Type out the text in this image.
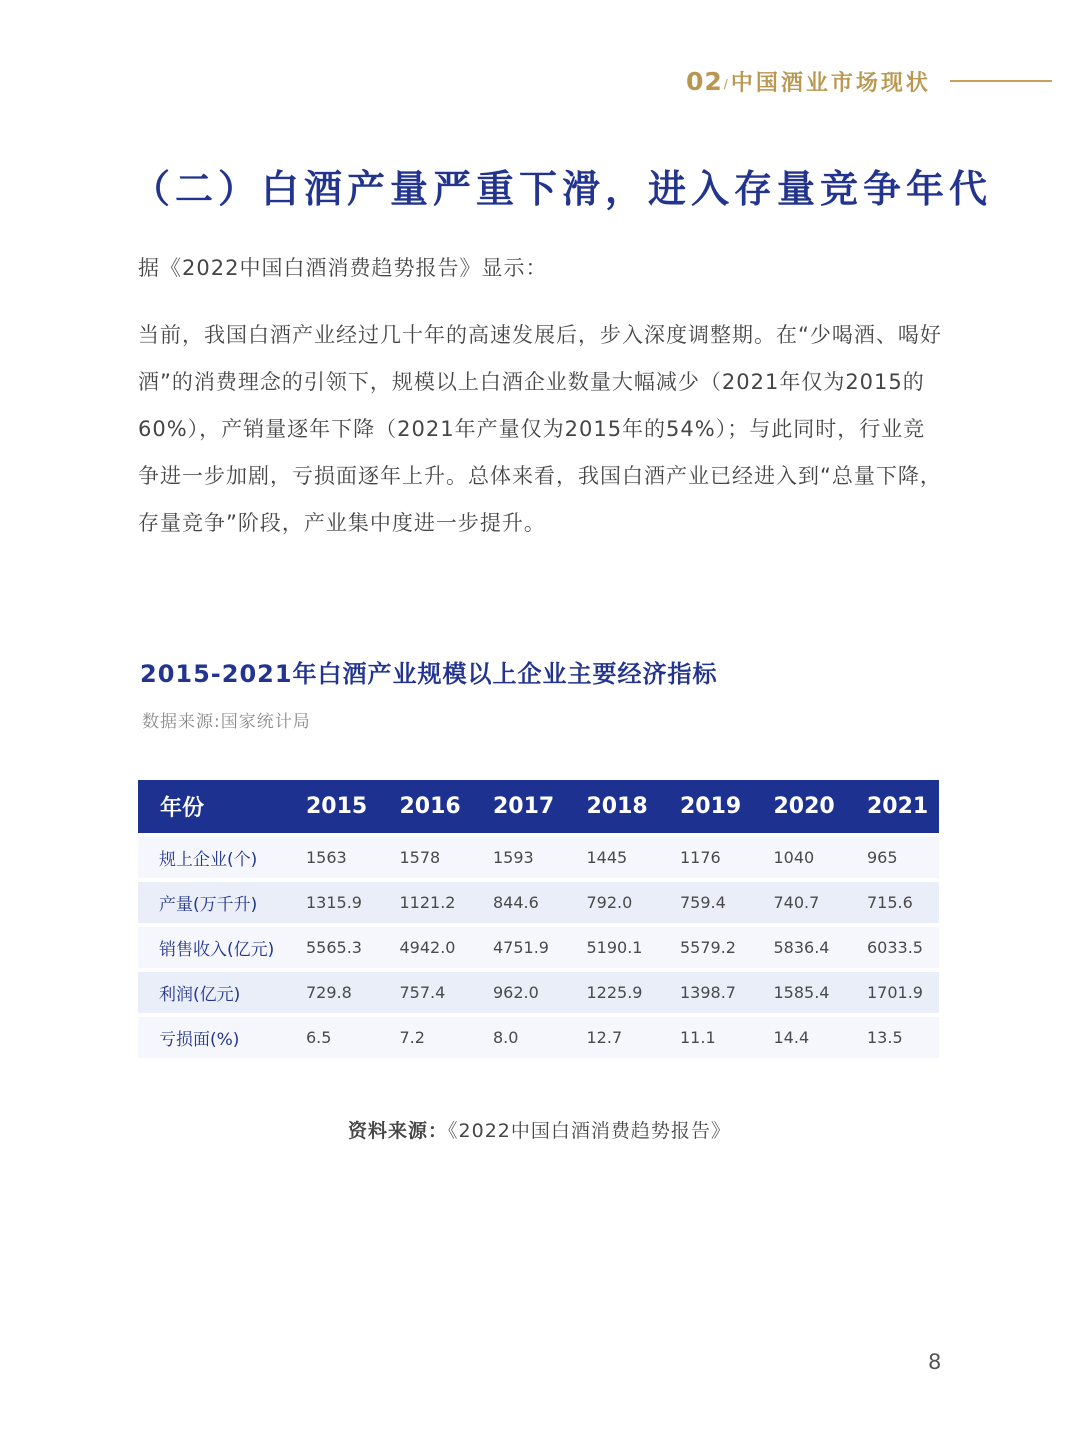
02 / 中国酒业市场现状
（二）白酒产量严重下滑，进入存量竞争年代

据《2022中国白酒消费趋势报告》显示：

当前，我国白酒产业经过几十年的高速发展后，步入深度调整期。在“少喝酒、喝好酒”的消费理念的引领下，规模以上白酒企业数量大幅减少（2021年仅为2015的60%），产销量逐年下降（2021年产量仅为2015年的54%）；与此同时，行业竞争进一步加剧，亏损面逐年上升。总体来看，我国白酒产业已经进入到“总量下降，存量竞争”阶段，产业集中度进一步提升。

2015-2021年白酒产业规模以上企业主要经济指标

数据来源:国家统计局

年份	2015	2016	2017	2018	2019	2020	2021
规上企业(个)	1563	1578	1593	1445	1176	1040	965
产量(万千升)	1315.9	1121.2	844.6	792.0	759.4	740.7	715.6
销售收入(亿元)	5565.3	4942.0	4751.9	5190.1	5579.2	5836.4	6033.5
利润(亿元)	729.8	757.4	962.0	1225.9	1398.7	1585.4	1701.9
亏损面(%)	6.5	7.2	8.0	12.7	11.1	14.4	13.5

资料来源：《2022中国白酒消费趋势报告》

8
